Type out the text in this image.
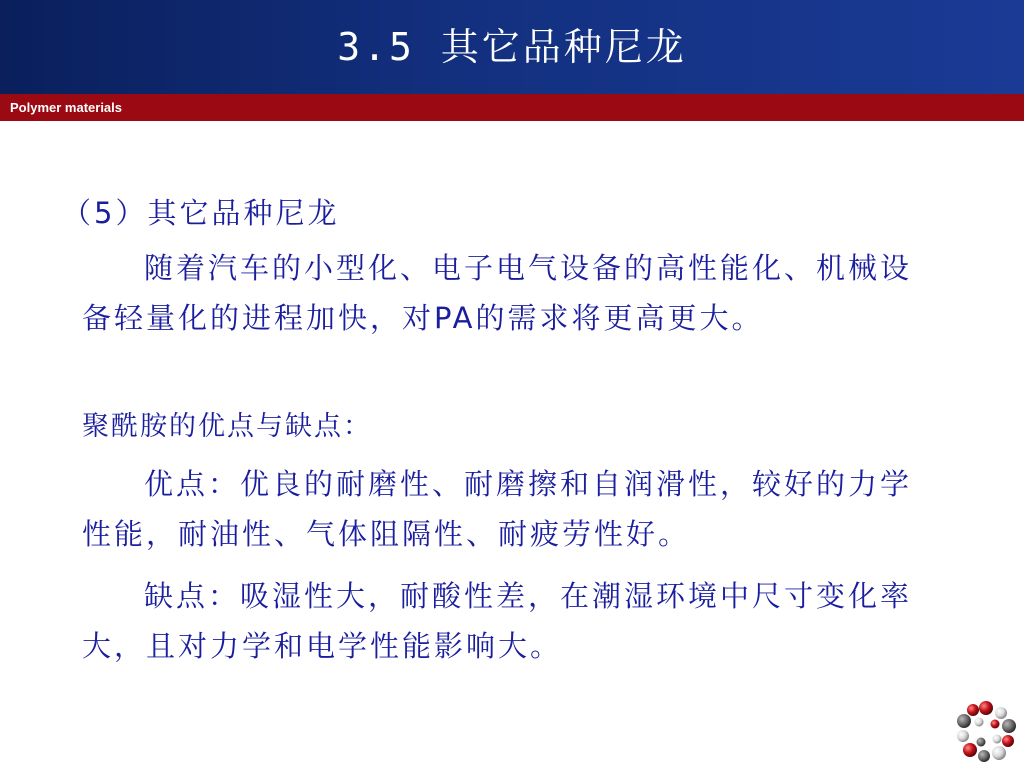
3.5 其它品种尼龙
Polymer materials

（5）其它品种尼龙

随着汽车的小型化、电子电气设备的高性能化、机械设备轻量化的进程加快，对PA的需求将更高更大。

聚酰胺的优点与缺点：

优点：优良的耐磨性、耐磨擦和自润滑性，较好的力学性能，耐油性、气体阻隔性、耐疲劳性好。

缺点：吸湿性大，耐酸性差，在潮湿环境中尺寸变化率大，且对力学和电学性能影响大。
